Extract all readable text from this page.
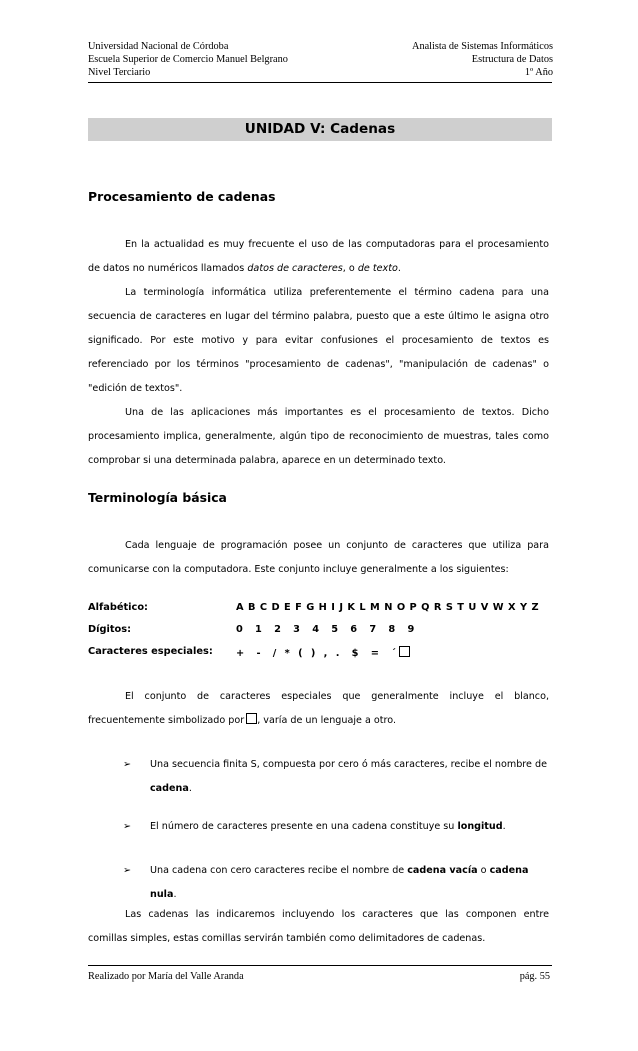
Universidad Nacional de Córdoba
Escuela Superior de Comercio Manuel Belgrano
Nivel Terciario
Analista de Sistemas Informáticos
Estructura de Datos
1º Año
UNIDAD V: Cadenas
Procesamiento de cadenas

En la actualidad es muy frecuente el uso de las computadoras para el procesamiento de datos no numéricos llamados datos de caracteres, o de texto.

La terminología informática utiliza preferentemente el término cadena para una secuencia de caracteres en lugar del término palabra, puesto que a este último le asigna otro significado. Por este motivo y para evitar confusiones el procesamiento de textos es referenciado por los términos "procesamiento de cadenas", "manipulación de cadenas" o "edición de textos".

Una de las aplicaciones más importantes es el procesamiento de textos. Dicho procesamiento implica, generalmente, algún tipo de reconocimiento de muestras, tales como comprobar si una determinada palabra, aparece en un determinado texto.

Terminología básica

Cada lenguaje de programación posee un conjunto de caracteres que utiliza para comunicarse con la computadora. Este conjunto incluye generalmente a los siguientes:

Alfabético:	A B C D E F G H I J K L M N O P Q R S T U V W X Y Z
Dígitos:	0   1   2   3   4   5   6   7   8   9
Caracteres especiales: +   -   /  *  (  )  ,  .   $   =   ´

El conjunto de caracteres especiales que generalmente incluye el blanco, frecuentemente simbolizado por , varía de un lenguaje a otro.

➢ Una secuencia finita S, compuesta por cero ó más caracteres, recibe el nombre de cadena.
➢ El número de caracteres presente en una cadena constituye su longitud.
➢ Una cadena con cero caracteres recibe el nombre de cadena vacía o cadena nula.

Las cadenas las indicaremos incluyendo los caracteres que las componen entre comillas simples, estas comillas servirán también como delimitadores de cadenas.

Realizado por María del Valle Aranda	pág. 55
